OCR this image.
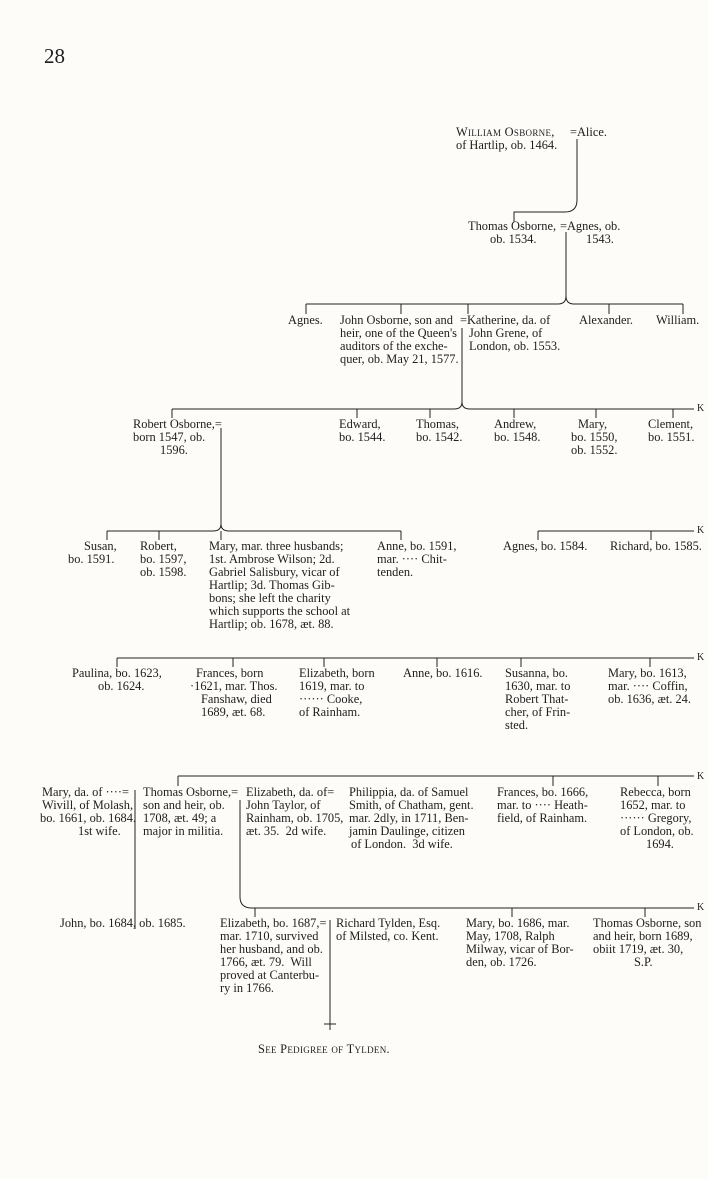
28
William Osborne,
of Hartlip, ob. 1464.
=Alice.
Thomas Osborne,
ob. 1534.
=Agnes, ob.
1543.
Agnes. John Osborne, son and
heir, one of the Queen's
auditors of the exche-
quer, ob. May 21, 1577.
=Katherine, da. of
John Grene, of
London, ob. 1553.
Alexander. William.
Robert Osborne,=
born 1547, ob.
1596.
Edward,
bo. 1544.
Thomas,
bo. 1542.
Andrew,
bo. 1548.
Mary,
bo. 1550,
ob. 1552.
Clement,
bo. 1551.
K
Susan,
bo. 1591.
Robert,
bo. 1597,
ob. 1598.
Mary, mar. three husbands;
1st. Ambrose Wilson; 2d.
Gabriel Salisbury, vicar of
Hartlip; 3d. Thomas Gib-
bons; she left the charity
which supports the school at
Hartlip; ob. 1678, æt. 88.
Anne, bo. 1591,
mar. ···· Chit-
tenden.
Agnes, bo. 1584. Richard, bo. 1585.
K
Paulina, bo. 1623,
ob. 1624.
Frances, born
·1621, mar. Thos.
Fanshaw, died
1689, æt. 68.
Elizabeth, born
1619, mar. to
······ Cooke,
of Rainham.
Anne, bo. 1616. Susanna, bo.
1630, mar. to
Robert That-
cher, of Frin-
sted.
Mary, bo. 1613,
mar. ···· Coffin,
ob. 1636, æt. 24.
K
Mary, da. of ····=
Wivill, of Molash,
bo. 1661, ob. 1684.
1st wife.
Thomas Osborne,=
son and heir, ob.
1708, æt. 49; a
major in militia.
Elizabeth, da. of=
John Taylor, of
Rainham, ob. 1705,
æt. 35.  2d wife.
Philippia, da. of Samuel
Smith, of Chatham, gent.
mar. 2dly, in 1711, Ben-
jamin Daulinge, citizen
of London.  3d wife.
Frances, bo. 1666,
mar. to ···· Heath-
field, of Rainham.
Rebecca, born
1652, mar. to
······ Gregory,
of London, ob.
1694.
K
John, bo. 1684, ob. 1685.	Elizabeth, bo. 1687,=
mar. 1710, survived
her husband, and ob.
1766, æt. 79.  Will
proved at Canterbu-
ry in 1766.
Richard Tylden, Esq.
of Milsted, co. Kent.
Mary, bo. 1686, mar.
May, 1708, Ralph
Milway, vicar of Bor-
den, ob. 1726.
Thomas Osborne, son
and heir, born 1689,
obiit 1719, æt. 30,
S.P.
K
See Pedigree of Tylden.
